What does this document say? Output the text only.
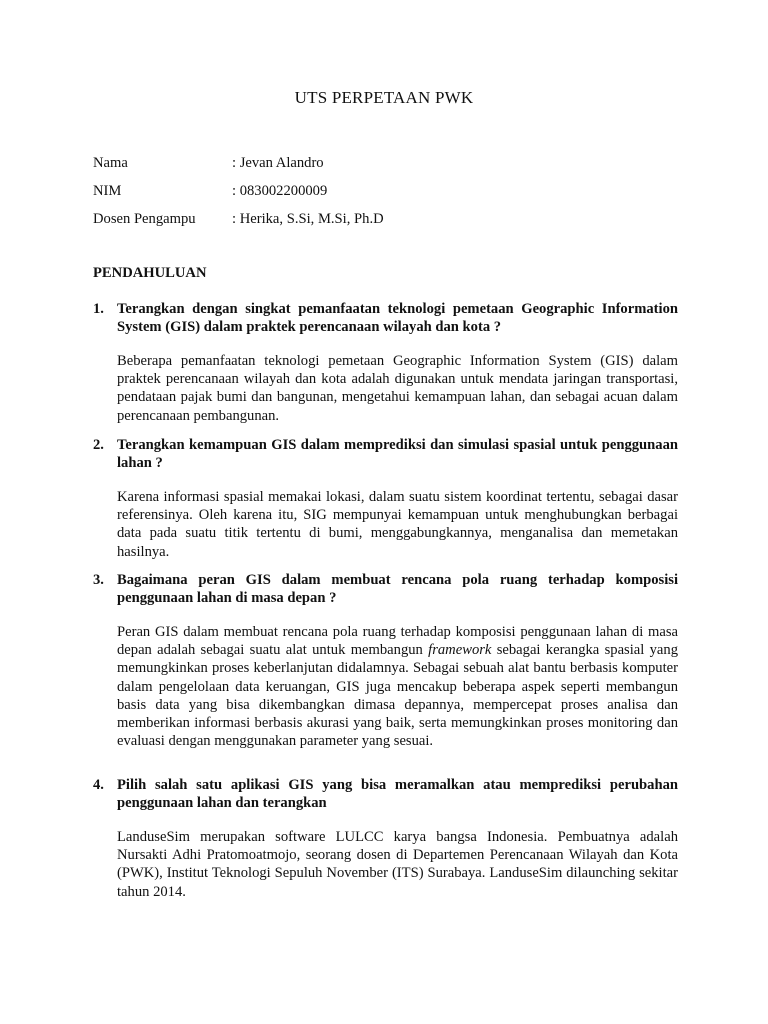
UTS PERPETAAN PWK
Nama	: Jevan Alandro
NIM	: 083002200009
Dosen Pengampu	: Herika, S.Si, M.Si, Ph.D
PENDAHULUAN
1. Terangkan dengan singkat pemanfaatan teknologi pemetaan Geographic Information System (GIS) dalam praktek perencanaan wilayah dan kota ?
Beberapa pemanfaatan teknologi pemetaan Geographic Information System (GIS) dalam praktek perencanaan wilayah dan kota adalah digunakan untuk mendata jaringan transportasi, pendataan pajak bumi dan bangunan, mengetahui kemampuan lahan, dan sebagai acuan dalam perencanaan pembangunan.
2. Terangkan kemampuan GIS dalam memprediksi dan simulasi spasial untuk penggunaan lahan ?
Karena informasi spasial memakai lokasi, dalam suatu sistem koordinat tertentu, sebagai dasar referensinya. Oleh karena itu, SIG mempunyai kemampuan untuk menghubungkan berbagai data pada suatu titik tertentu di bumi, menggabungkannya, menganalisa dan memetakan hasilnya.
3. Bagaimana peran GIS dalam membuat rencana pola ruang terhadap komposisi penggunaan lahan di masa depan ?
Peran GIS dalam membuat rencana pola ruang terhadap komposisi penggunaan lahan di masa depan adalah sebagai suatu alat untuk membangun framework sebagai kerangka spasial yang memungkinkan proses keberlanjutan didalamnya. Sebagai sebuah alat bantu berbasis komputer dalam pengelolaan data keruangan, GIS juga mencakup beberapa aspek seperti membangun basis data yang bisa dikembangkan dimasa depannya, mempercepat proses analisa dan memberikan informasi berbasis akurasi yang baik, serta memungkinkan proses monitoring dan evaluasi dengan menggunakan parameter yang sesuai.
4. Pilih salah satu aplikasi GIS yang bisa meramalkan atau memprediksi perubahan penggunaan lahan dan terangkan
LanduseSim merupakan software LULCC karya bangsa Indonesia. Pembuatnya adalah Nursakti Adhi Pratomoatmojo, seorang dosen di Departemen Perencanaan Wilayah dan Kota (PWK), Institut Teknologi Sepuluh November (ITS) Surabaya. LanduseSim dilaunching sekitar tahun 2014.
